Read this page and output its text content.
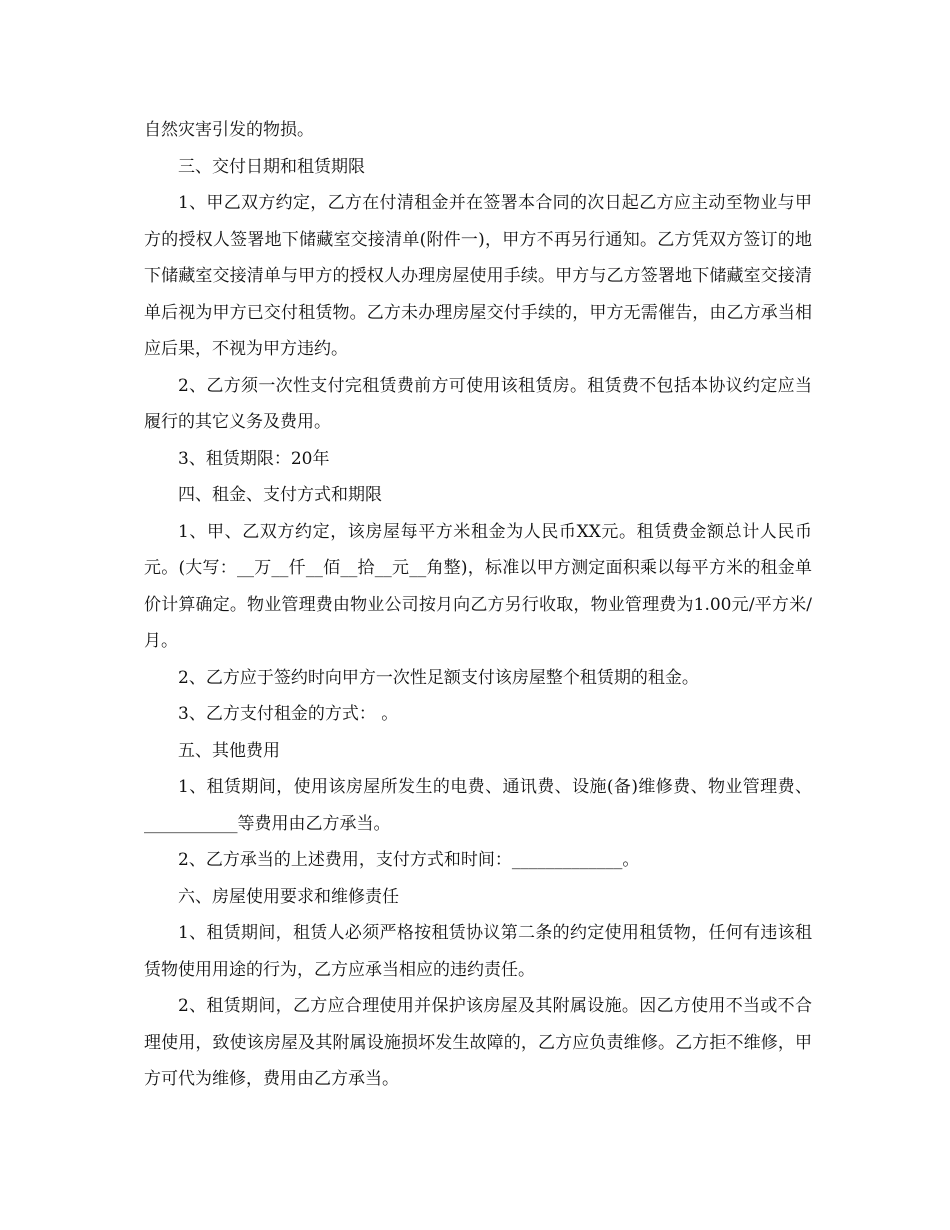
自然灾害引发的物损。

三、交付日期和租赁期限

1、甲乙双方约定，乙方在付清租金并在签署本合同的次日起乙方应主动至物业与甲方的授权人签署地下储藏室交接清单(附件一)，甲方不再另行通知。乙方凭双方签订的地下储藏室交接清单与甲方的授权人办理房屋使用手续。甲方与乙方签署地下储藏室交接清单后视为甲方已交付租赁物。乙方未办理房屋交付手续的，甲方无需催告，由乙方承当相应后果，不视为甲方违约。

2、乙方须一次性支付完租赁费前方可使用该租赁房。租赁费不包括本协议约定应当履行的其它义务及费用。

3、租赁期限：20年

四、租金、支付方式和期限

1、甲、乙双方约定，该房屋每平方米租金为人民币XX元。租赁费金额总计人民币 元。(大写：__万__仟__佰__拾__元__角整)，标准以甲方测定面积乘以每平方米的租金单价计算确定。物业管理费由物业公司按月向乙方另行收取，物业管理费为1.00元/平方米/月。

2、乙方应于签约时向甲方一次性足额支付该房屋整个租赁期的租金。

3、乙方支付租金的方式： 。

五、其他费用

1、租赁期间，使用该房屋所发生的电费、通讯费、设施(备)维修费、物业管理费、___________等费用由乙方承当。

2、乙方承当的上述费用，支付方式和时间：_____________。

六、房屋使用要求和维修责任

1、租赁期间，租赁人必须严格按租赁协议第二条的约定使用租赁物，任何有违该租赁物使用用途的行为，乙方应承当相应的违约责任。

2、租赁期间，乙方应合理使用并保护该房屋及其附属设施。因乙方使用不当或不合理使用，致使该房屋及其附属设施损坏发生故障的，乙方应负责维修。乙方拒不维修，甲方可代为维修，费用由乙方承当。
